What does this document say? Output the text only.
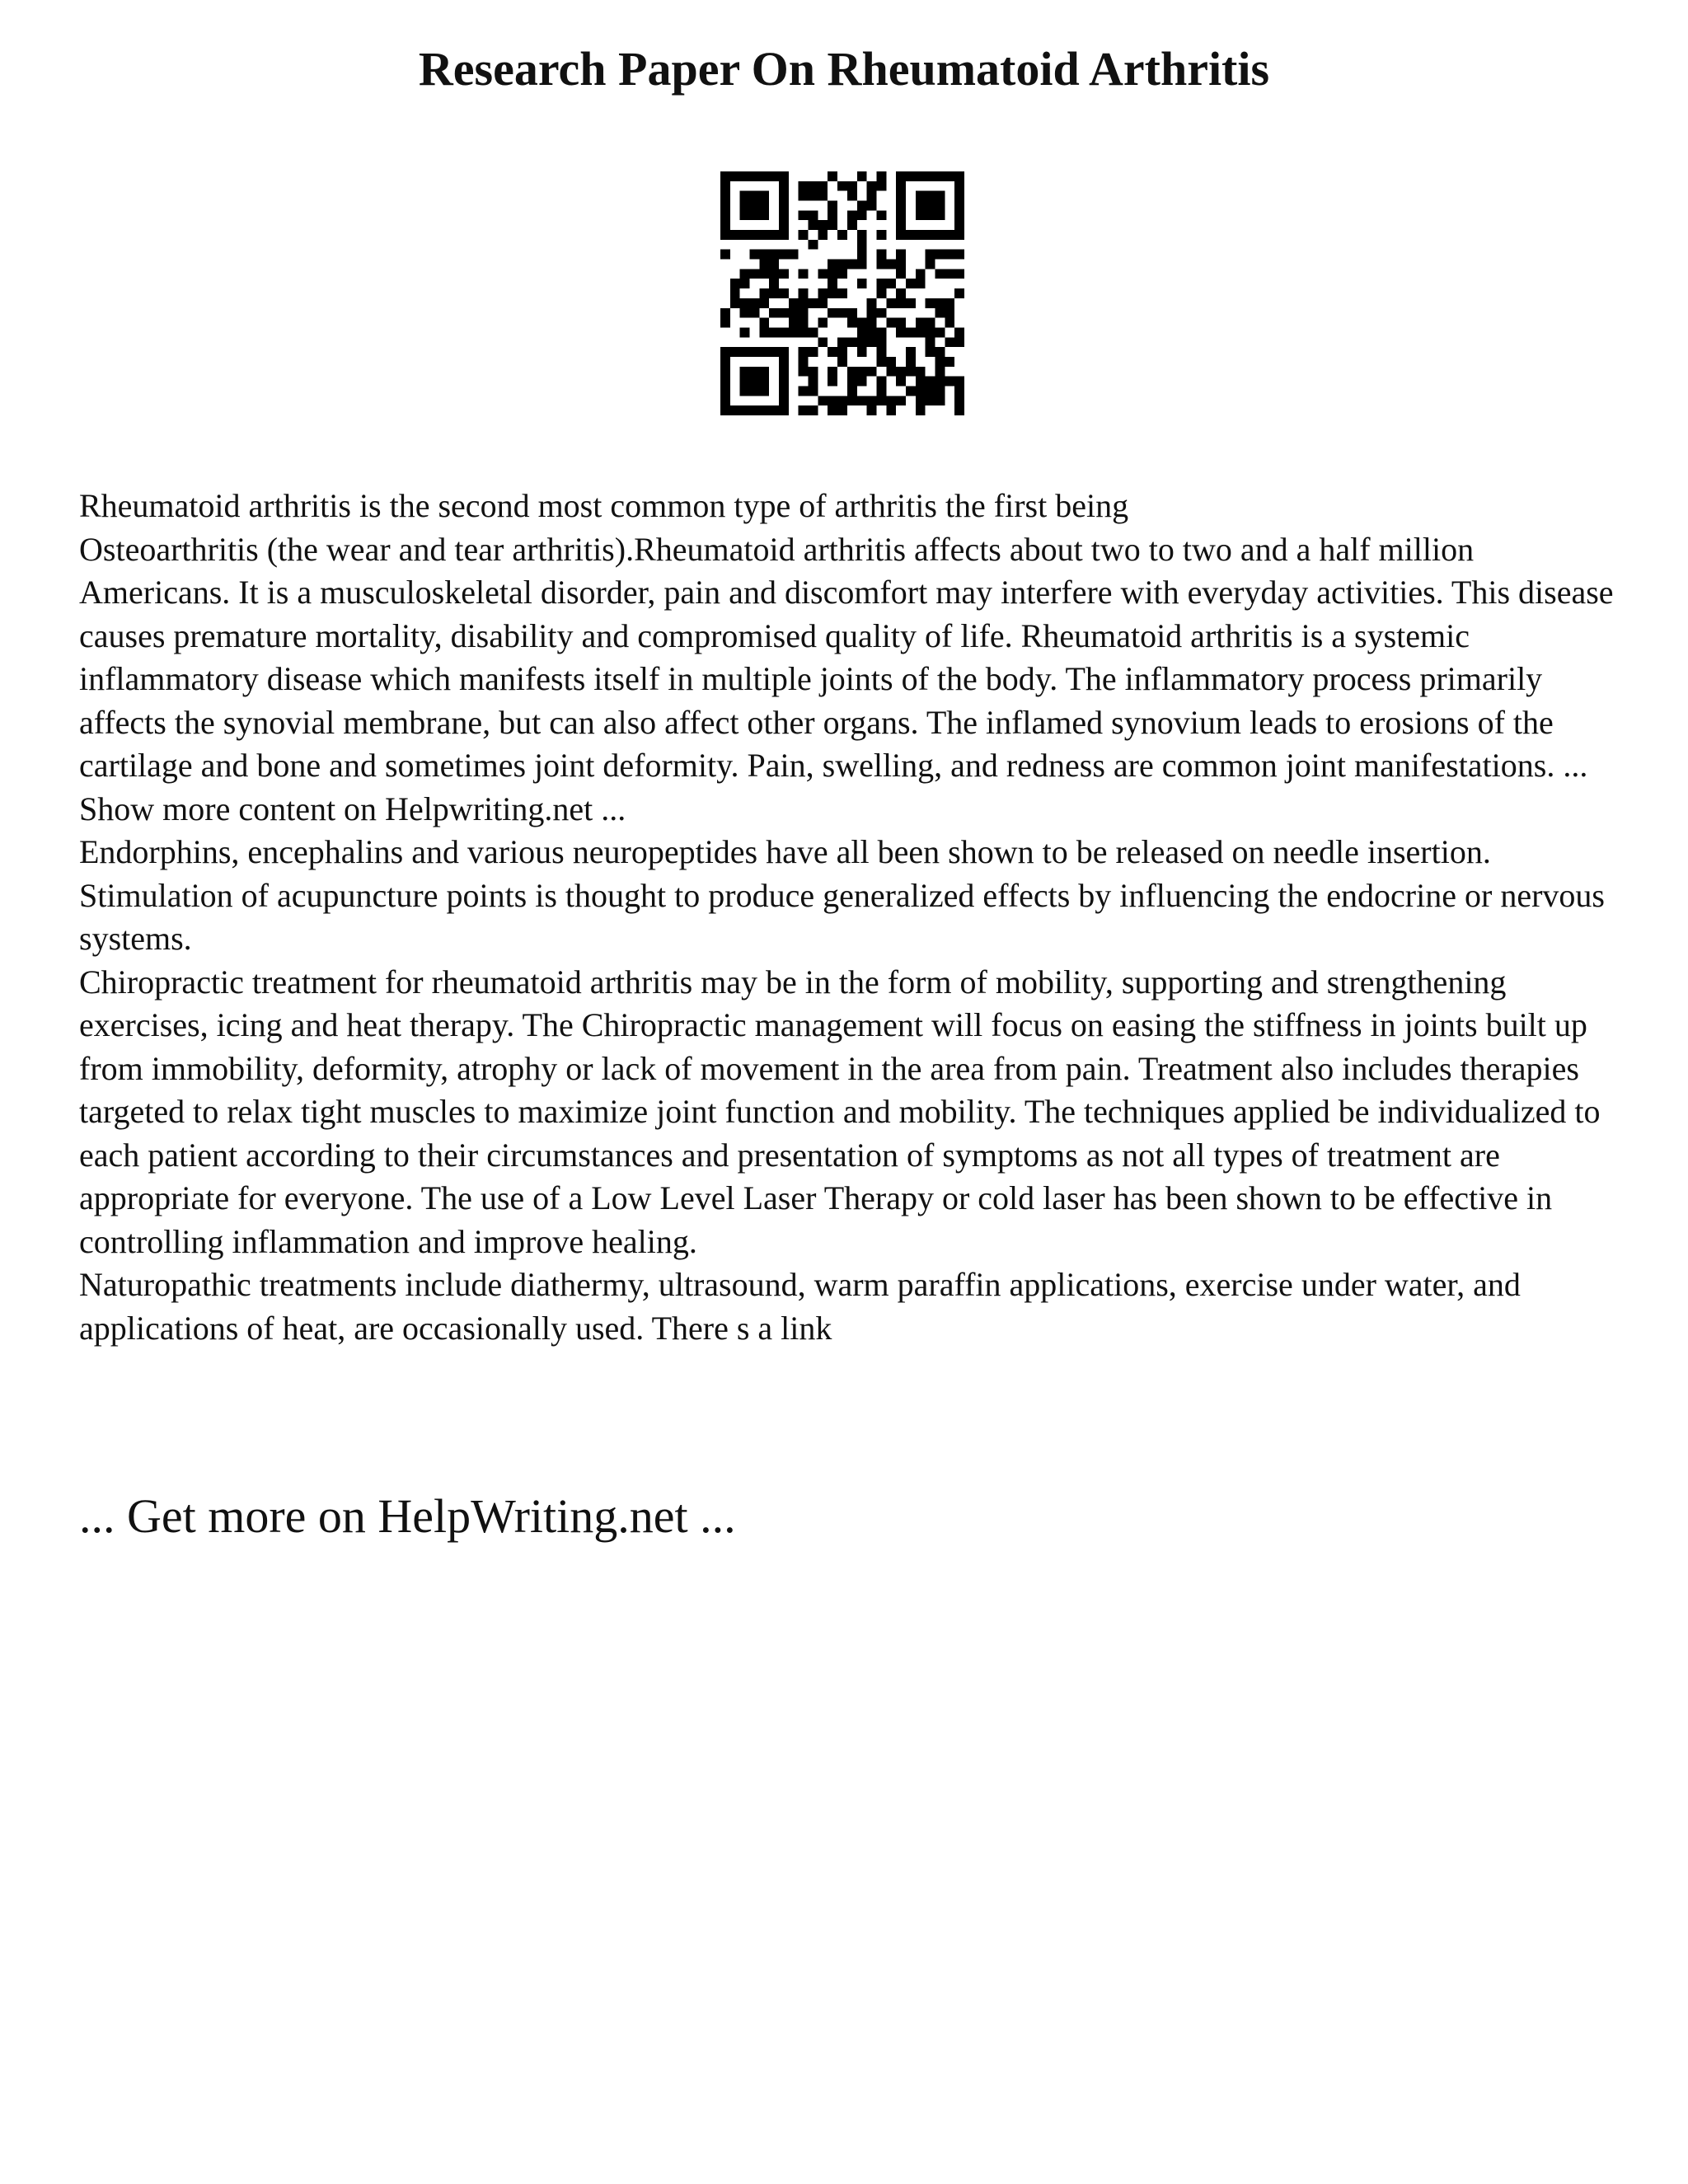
Research Paper On Rheumatoid Arthritis

Rheumatoid arthritis is the second most common type of arthritis the first being
Osteoarthritis (the wear and tear arthritis).Rheumatoid arthritis affects about two to two and a half million Americans. It is a musculoskeletal disorder, pain and discomfort may interfere with everyday activities. This disease causes premature mortality, disability and compromised quality of life. Rheumatoid arthritis is a systemic inflammatory disease which manifests itself in multiple joints of the body. The inflammatory process primarily affects the synovial membrane, but can also affect other organs. The inflamed synovium leads to erosions of the cartilage and bone and sometimes joint deformity. Pain, swelling, and redness are common joint manifestations. ... Show more content on Helpwriting.net ...

Endorphins, encephalins and various neuropeptides have all been shown to be released on needle insertion. Stimulation of acupuncture points is thought to produce generalized effects by influencing the endocrine or nervous systems.

Chiropractic treatment for rheumatoid arthritis may be in the form of mobility, supporting and strengthening exercises, icing and heat therapy. The Chiropractic management will focus on easing the stiffness in joints built up from immobility, deformity, atrophy or lack of movement in the area from pain. Treatment also includes therapies targeted to relax tight muscles to maximize joint function and mobility. The techniques applied be individualized to each patient according to their circumstances and presentation of symptoms as not all types of treatment are appropriate for everyone. The use of a Low Level Laser Therapy or cold laser has been shown to be effective in controlling inflammation and improve healing.

Naturopathic treatments include diathermy, ultrasound, warm paraffin applications, exercise under water, and applications of heat, are occasionally used. There s a link

... Get more on HelpWriting.net ...
